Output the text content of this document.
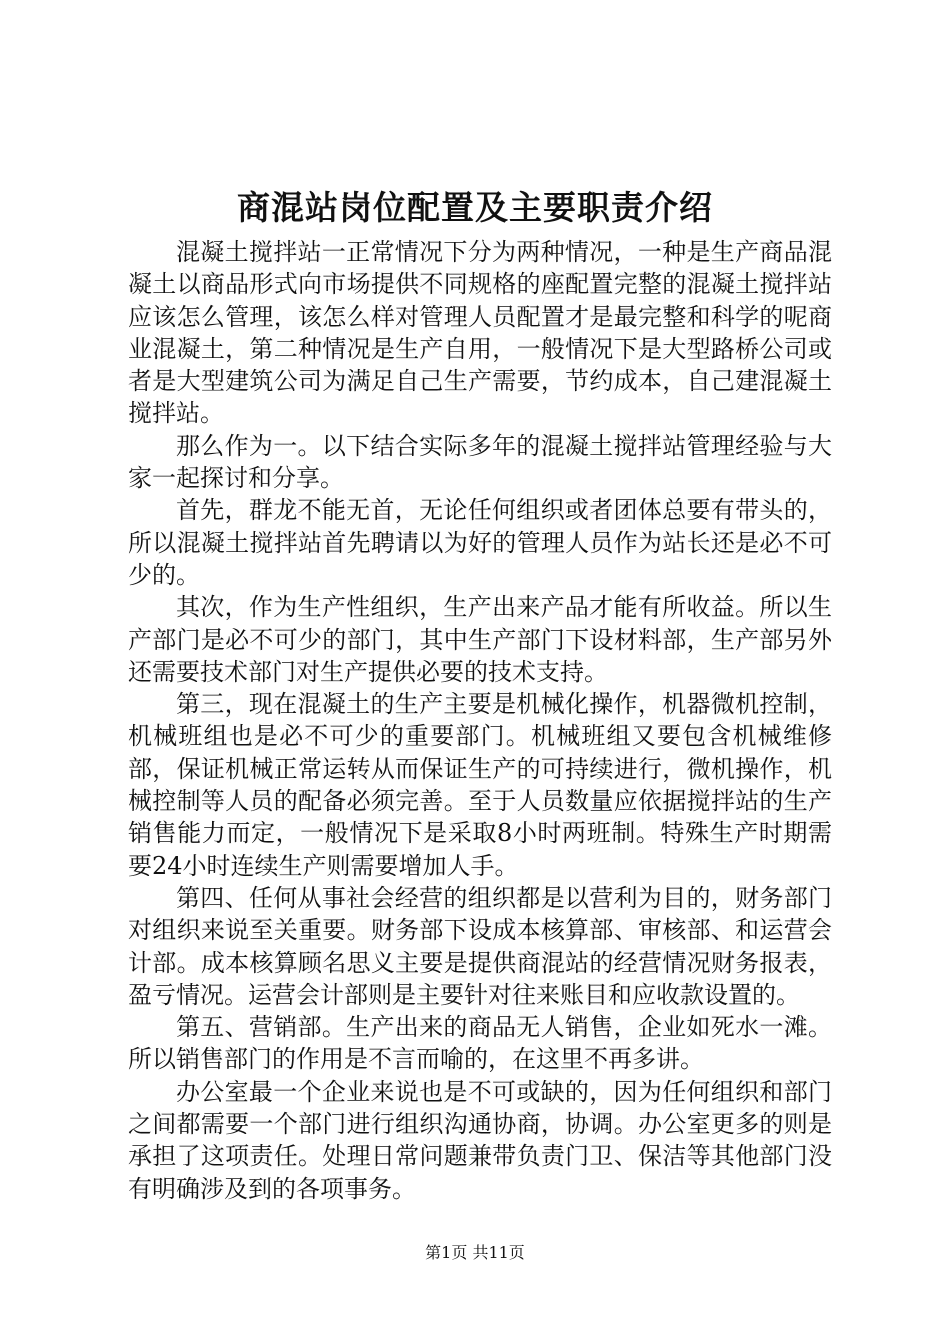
商混站岗位配置及主要职责介绍

混凝土搅拌站一正常情况下分为两种情况，一种是生产商品混凝土以商品形式向市场提供不同规格的座配置完整的混凝土搅拌站应该怎么管理，该怎么样对管理人员配置才是最完整和科学的呢商业混凝土，第二种情况是生产自用，一般情况下是大型路桥公司或者是大型建筑公司为满足自己生产需要，节约成本，自己建混凝土搅拌站。

那么作为一。以下结合实际多年的混凝土搅拌站管理经验与大家一起探讨和分享。

首先，群龙不能无首，无论任何组织或者团体总要有带头的，所以混凝土搅拌站首先聘请以为好的管理人员作为站长还是必不可少的。

其次，作为生产性组织，生产出来产品才能有所收益。所以生产部门是必不可少的部门，其中生产部门下设材料部，生产部另外还需要技术部门对生产提供必要的技术支持。

第三，现在混凝土的生产主要是机械化操作，机器微机控制，机械班组也是必不可少的重要部门。机械班组又要包含机械维修部，保证机械正常运转从而保证生产的可持续进行，微机操作，机械控制等人员的配备必须完善。至于人员数量应依据搅拌站的生产销售能力而定，一般情况下是采取8小时两班制。特殊生产时期需要24小时连续生产则需要增加人手。

第四、任何从事社会经营的组织都是以营利为目的，财务部门对组织来说至关重要。财务部下设成本核算部、审核部、和运营会计部。成本核算顾名思义主要是提供商混站的经营情况财务报表，盈亏情况。运营会计部则是主要针对往来账目和应收款设置的。

第五、营销部。生产出来的商品无人销售，企业如死水一滩。所以销售部门的作用是不言而喻的，在这里不再多讲。

办公室最一个企业来说也是不可或缺的，因为任何组织和部门之间都需要一个部门进行组织沟通协商，协调。办公室更多的则是承担了这项责任。处理日常问题兼带负责门卫、保洁等其他部门没有明确涉及到的各项事务。

第1页 共11页
